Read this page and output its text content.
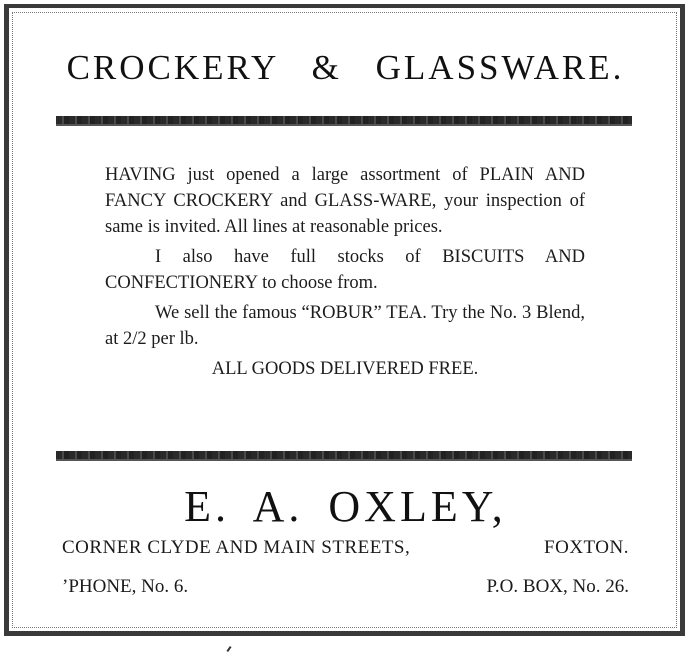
CROCKERY & GLASSWARE.

HAVING just opened a large assortment of PLAIN AND FANCY CROCKERY and GLASS-WARE, your inspection of same is invited. All lines at reasonable prices.

I also have full stocks of BISCUITS AND CONFECTIONERY to choose from.

We sell the famous “ROBUR” TEA. Try the No. 3 Blend, at 2/2 per lb.

ALL GOODS DELIVERED FREE.

E. A. OXLEY,
CORNER CLYDE AND MAIN STREETS,	FOXTON.
’PHONE, No. 6.	P.O. BOX, No. 26.
